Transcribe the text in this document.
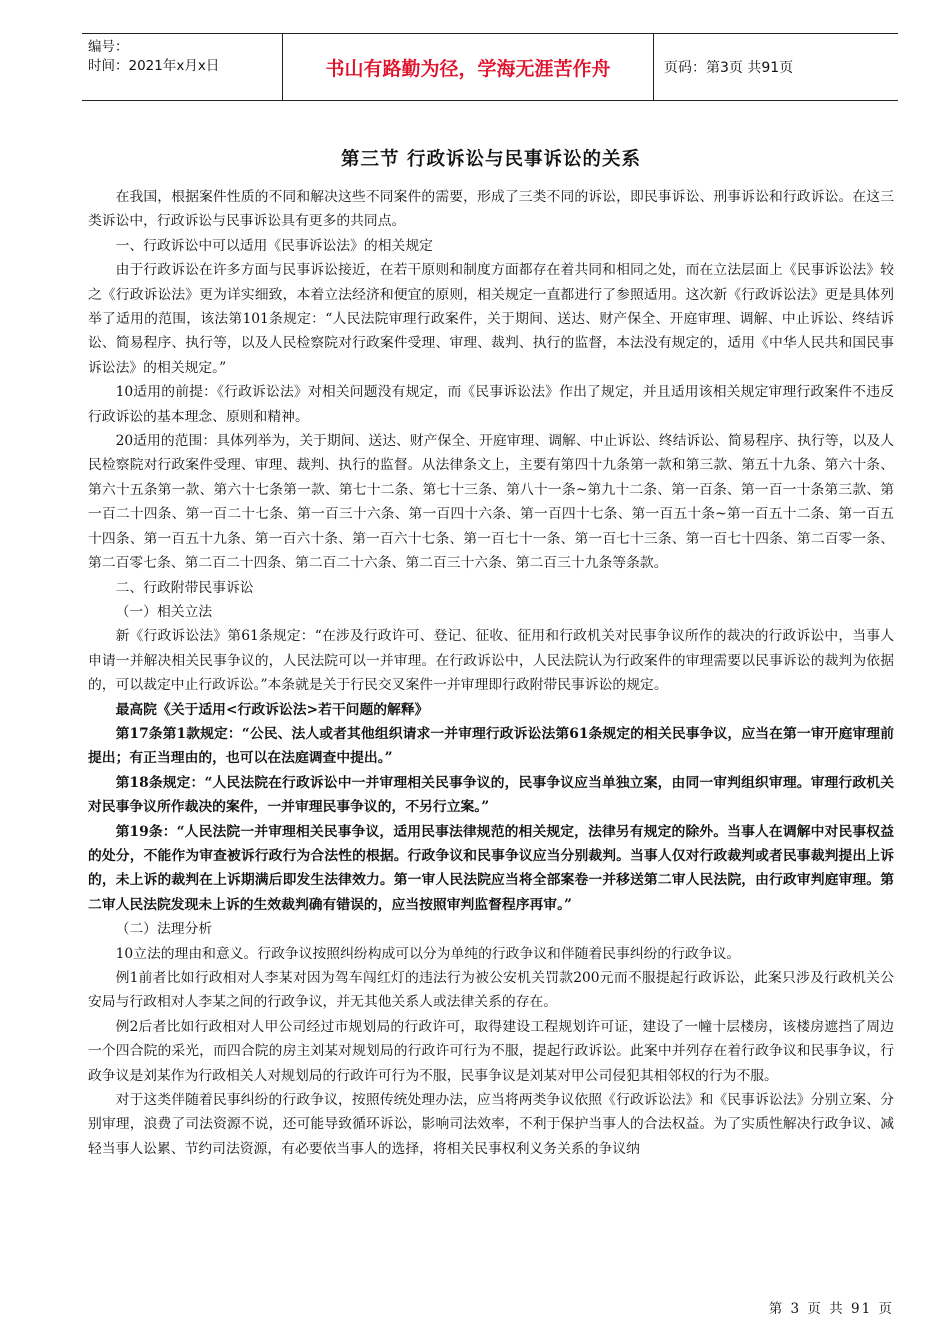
编号：
时间：2021年x月x日	书山有路勤为径，学海无涯苦作舟	页码：第3页 共91页
第三节 行政诉讼与民事诉讼的关系

在我国，根据案件性质的不同和解决这些不同案件的需要，形成了三类不同的诉讼，即民事诉讼、刑事诉讼和行政诉讼。在这三类诉讼中，行政诉讼与民事诉讼具有更多的共同点。

一、行政诉讼中可以适用《民事诉讼法》的相关规定

由于行政诉讼在许多方面与民事诉讼接近，在若干原则和制度方面都存在着共同和相同之处，而在立法层面上《民事诉讼法》较之《行政诉讼法》更为详实细致，本着立法经济和便宜的原则，相关规定一直都进行了参照适用。这次新《行政诉讼法》更是具体列举了适用的范围，该法第101条规定：“人民法院审理行政案件，关于期间、送达、财产保全、开庭审理、调解、中止诉讼、终结诉讼、简易程序、执行等，以及人民检察院对行政案件受理、审理、裁判、执行的监督，本法没有规定的，适用《中华人民共和国民事诉讼法》的相关规定。”

10适用的前提：《行政诉讼法》对相关问题没有规定，而《民事诉讼法》作出了规定，并且适用该相关规定审理行政案件不违反行政诉讼的基本理念、原则和精神。

20适用的范围：具体列举为，关于期间、送达、财产保全、开庭审理、调解、中止诉讼、终结诉讼、简易程序、执行等，以及人民检察院对行政案件受理、审理、裁判、执行的监督。从法律条文上，主要有第四十九条第一款和第三款、第五十九条、第六十条、第六十五条第一款、第六十七条第一款、第七十二条、第七十三条、第八十一条~第九十二条、第一百条、第一百一十条第三款、第一百二十四条、第一百二十七条、第一百三十六条、第一百四十六条、第一百四十七条、第一百五十条~第一百五十二条、第一百五十四条、第一百五十九条、第一百六十条、第一百六十七条、第一百七十一条、第一百七十三条、第一百七十四条、第二百零一条、第二百零七条、第二百二十四条、第二百二十六条、第二百三十六条、第二百三十九条等条款。

二、行政附带民事诉讼

（一）相关立法

新《行政诉讼法》第61条规定：“在涉及行政许可、登记、征收、征用和行政机关对民事争议所作的裁决的行政诉讼中，当事人申请一并解决相关民事争议的，人民法院可以一并审理。在行政诉讼中，人民法院认为行政案件的审理需要以民事诉讼的裁判为依据的，可以裁定中止行政诉讼。”本条就是关于行民交叉案件一并审理即行政附带民事诉讼的规定。

最高院《关于适用<行政诉讼法>若干问题的解释》

第17条第1款规定：“公民、法人或者其他组织请求一并审理行政诉讼法第61条规定的相关民事争议，应当在第一审开庭审理前提出；有正当理由的，也可以在法庭调查中提出。”

第18条规定：“人民法院在行政诉讼中一并审理相关民事争议的，民事争议应当单独立案，由同一审判组织审理。审理行政机关对民事争议所作裁决的案件，一并审理民事争议的，不另行立案。”

第19条：“人民法院一并审理相关民事争议，适用民事法律规范的相关规定，法律另有规定的除外。当事人在调解中对民事权益的处分，不能作为审查被诉行政行为合法性的根据。行政争议和民事争议应当分别裁判。当事人仅对行政裁判或者民事裁判提出上诉的，未上诉的裁判在上诉期满后即发生法律效力。第一审人民法院应当将全部案卷一并移送第二审人民法院，由行政审判庭审理。第二审人民法院发现未上诉的生效裁判确有错误的，应当按照审判监督程序再审。”

（二）法理分析

10立法的理由和意义。行政争议按照纠纷构成可以分为单纯的行政争议和伴随着民事纠纷的行政争议。

例1前者比如行政相对人李某对因为驾车闯红灯的违法行为被公安机关罚款200元而不服提起行政诉讼，此案只涉及行政机关公安局与行政相对人李某之间的行政争议，并无其他关系人或法律关系的存在。

例2后者比如行政相对人甲公司经过市规划局的行政许可，取得建设工程规划许可证，建设了一幢十层楼房，该楼房遮挡了周边一个四合院的采光，而四合院的房主刘某对规划局的行政许可行为不服，提起行政诉讼。此案中并列存在着行政争议和民事争议，行政争议是刘某作为行政相关人对规划局的行政许可行为不服，民事争议是刘某对甲公司侵犯其相邻权的行为不服。

对于这类伴随着民事纠纷的行政争议，按照传统处理办法，应当将两类争议依照《行政诉讼法》和《民事诉讼法》分别立案、分别审理，浪费了司法资源不说，还可能导致循环诉讼，影响司法效率，不利于保护当事人的合法权益。为了实质性解决行政争议、减轻当事人讼累、节约司法资源，有必要依当事人的选择，将相关民事权利义务关系的争议纳

第 3 页 共 91 页
